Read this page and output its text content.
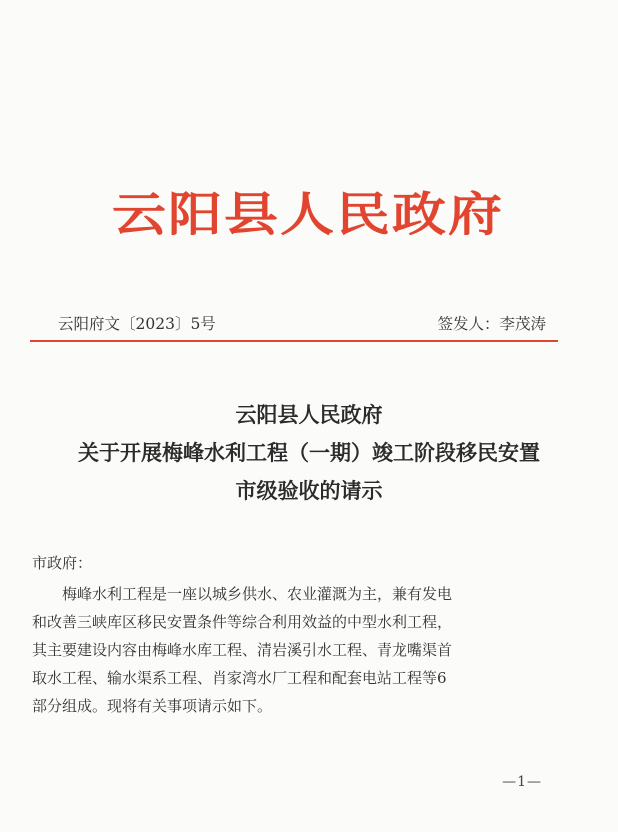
云阳县人民政府
云阳府文〔2023〕5号	签发人：李茂涛
云阳县人民政府
关于开展梅峰水利工程（一期）竣工阶段移民安置
市级验收的请示
市政府：
梅峰水利工程是一座以城乡供水、农业灌溉为主，兼有发电
和改善三峡库区移民安置条件等综合利用效益的中型水利工程，
其主要建设内容由梅峰水库工程、清岩溪引水工程、青龙嘴渠首
取水工程、输水渠系工程、肖家湾水厂工程和配套电站工程等6
部分组成。现将有关事项请示如下。
—1—
